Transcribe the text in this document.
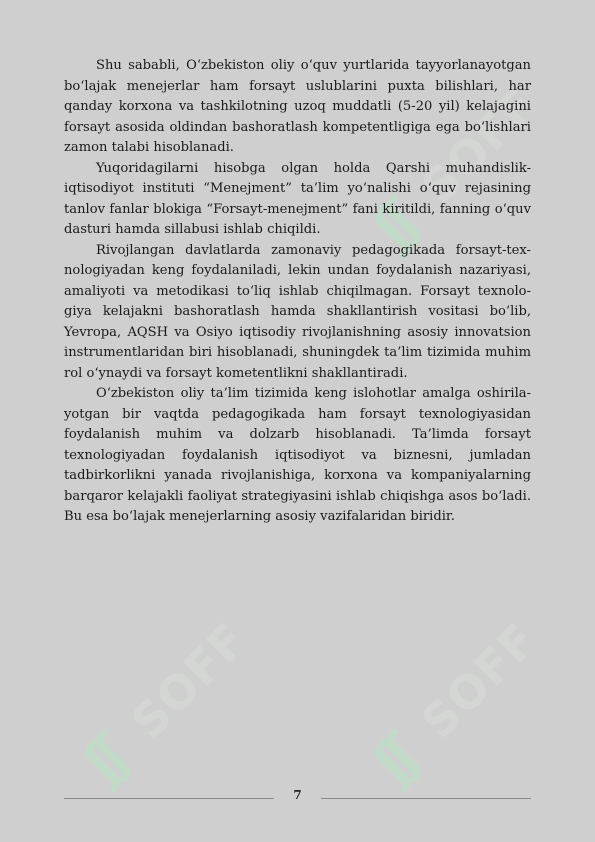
ʃʃ
SOFF
ʃʃ
SOFF
ʃʃ
SOFF

Shu sababli, O‘zbekiston oliy o‘quv yurtlarida tayyorlanayotgan bo‘lajak menejerlar ham forsayt uslublarini puxta bilishlari, har qanday korxona va tashkilotning uzoq muddatli (5-20 yil) kelajagini forsayt asosida oldindan bashoratlash kompetentligiga ega bo‘lishlari zamon talabi hisoblanadi.

Yuqoridagilarni hisobga olgan holda Qarshi muhandislik-iqtisodiyot instituti “Menejment” ta’lim yo‘nalishi o‘quv rejasining tanlov fanlar blokiga “Forsayt-menejment” fani kiritildi, fanning o‘quv dasturi hamda sillabusi ishlab chiqildi.

Rivojlangan davlatlarda zamonaviy pedagogikada forsayt-tex-nologiyadan keng foydalaniladi, lekin undan foydalanish nazariyasi, amaliyoti va metodikasi to‘liq ishlab chiqilmagan. Forsayt texnolo-giya kelajakni bashoratlash hamda shakllantirish vositasi bo‘lib, Yevropa, AQSH va Osiyo iqtisodiy rivojlanishning asosiy innovatsion instrumentlaridan biri hisoblanadi, shuningdek ta’lim tizimida muhim rol o‘ynaydi va forsayt kometentlikni shakllantiradi.

O‘zbekiston oliy ta’lim tizimida keng islohotlar amalga oshirila-yotgan bir vaqtda pedagogikada ham forsayt texnologiyasidan foydalanish muhim va dolzarb hisoblanadi. Ta’limda forsayt texnologiyadan foydalanish iqtisodiyot va biznesni, jumladan tadbirkorlikni yanada rivojlanishiga, korxona va kompaniyalarning barqaror kelajakli faoliyat strategiyasini ishlab chiqishga asos bo‘ladi. Bu esa bo‘lajak menejerlarning asosiy vazifalaridan biridir.

7
